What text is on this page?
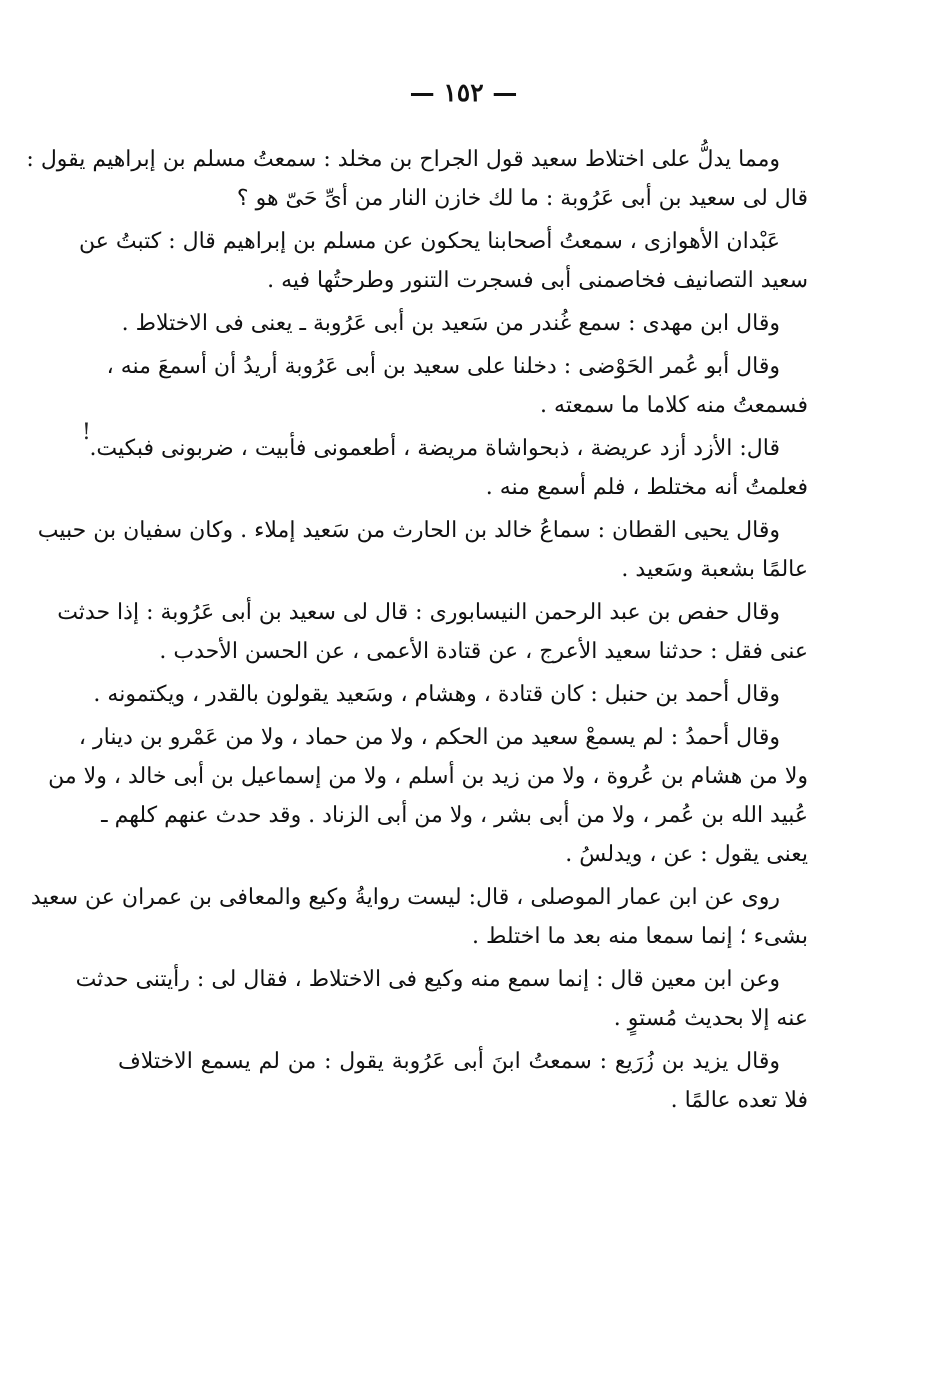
— ١٥٢ —
!
ومما يدلُّ على اختلاط سعيد قول الجراح بن مخلد : سمعتُ مسلم بن إبراهيم يقول :
قال لى سعيد بن أبى عَرُوبة : ما لك خازن النار من أىِّ حَىّ هو ؟
عَبْدان الأهوازى ، سمعتُ أصحابنا يحكون عن مسلم بن إبراهيم قال : كتبتُ عن
سعيد التصانيف فخاصمنى أبى فسجرت التنور وطرحتُها فيه .
وقال ابن مهدى : سمع غُندر من سَعيد بن أبى عَرُوبة ـ يعنى فى الاختلاط .
وقال أبو عُمر الحَوْضى : دخلنا على سعيد بن أبى عَرُوبة أريدُ أن أسمعَ منه ،
فسمعتُ منه كلاما ما سمعته .
قال: الأزد أزد عريضة ، ذبحواشاة مريضة ، أطعمونى فأبيت ، ضربونى فبكيت.
فعلمتُ أنه مختلط ، فلم أسمع منه .
وقال يحيى القطان : سماعُ خالد بن الحارث من سَعيد إملاء . وكان سفيان بن حبيب
عالمًا بشعبة وسَعيد .
وقال حفص بن عبد الرحمن النيسابورى : قال لى سعيد بن أبى عَرُوبة : إذا حدثت
عنى فقل : حدثنا سعيد الأعرج ، عن قتادة الأعمى ، عن الحسن الأحدب .
وقال أحمد بن حنبل : كان قتادة ، وهشام ، وسَعيد يقولون بالقدر ، ويكتمونه .
وقال أحمدُ : لم يسمعْ سعيد من الحكم ، ولا من حماد ، ولا من عَمْرو بن دينار ،
ولا من هشام بن عُروة ، ولا من زيد بن أسلم ، ولا من إسماعيل بن أبى خالد ، ولا من
عُبيد الله بن عُمر ، ولا من أبى بشر ، ولا من أبى الزناد . وقد حدث عنهم كلهم ـ
يعنى يقول : عن ، ويدلسُ .
روى عن ابن عمار الموصلى ، قال: ليست روايةُ وكيع والمعافى بن عمران عن سعيد
بشىء ؛ إنما سمعا منه بعد ما اختلط .
وعن ابن معين قال : إنما سمع منه وكيع فى الاختلاط ، فقال لى : رأيتنى حدثت
عنه إلا بحديث مُستوٍ .
وقال يزيد بن زُرَيع : سمعتُ ابنَ أبى عَرُوبة يقول : من لم يسمع الاختلاف
فلا تعده عالمًا .
